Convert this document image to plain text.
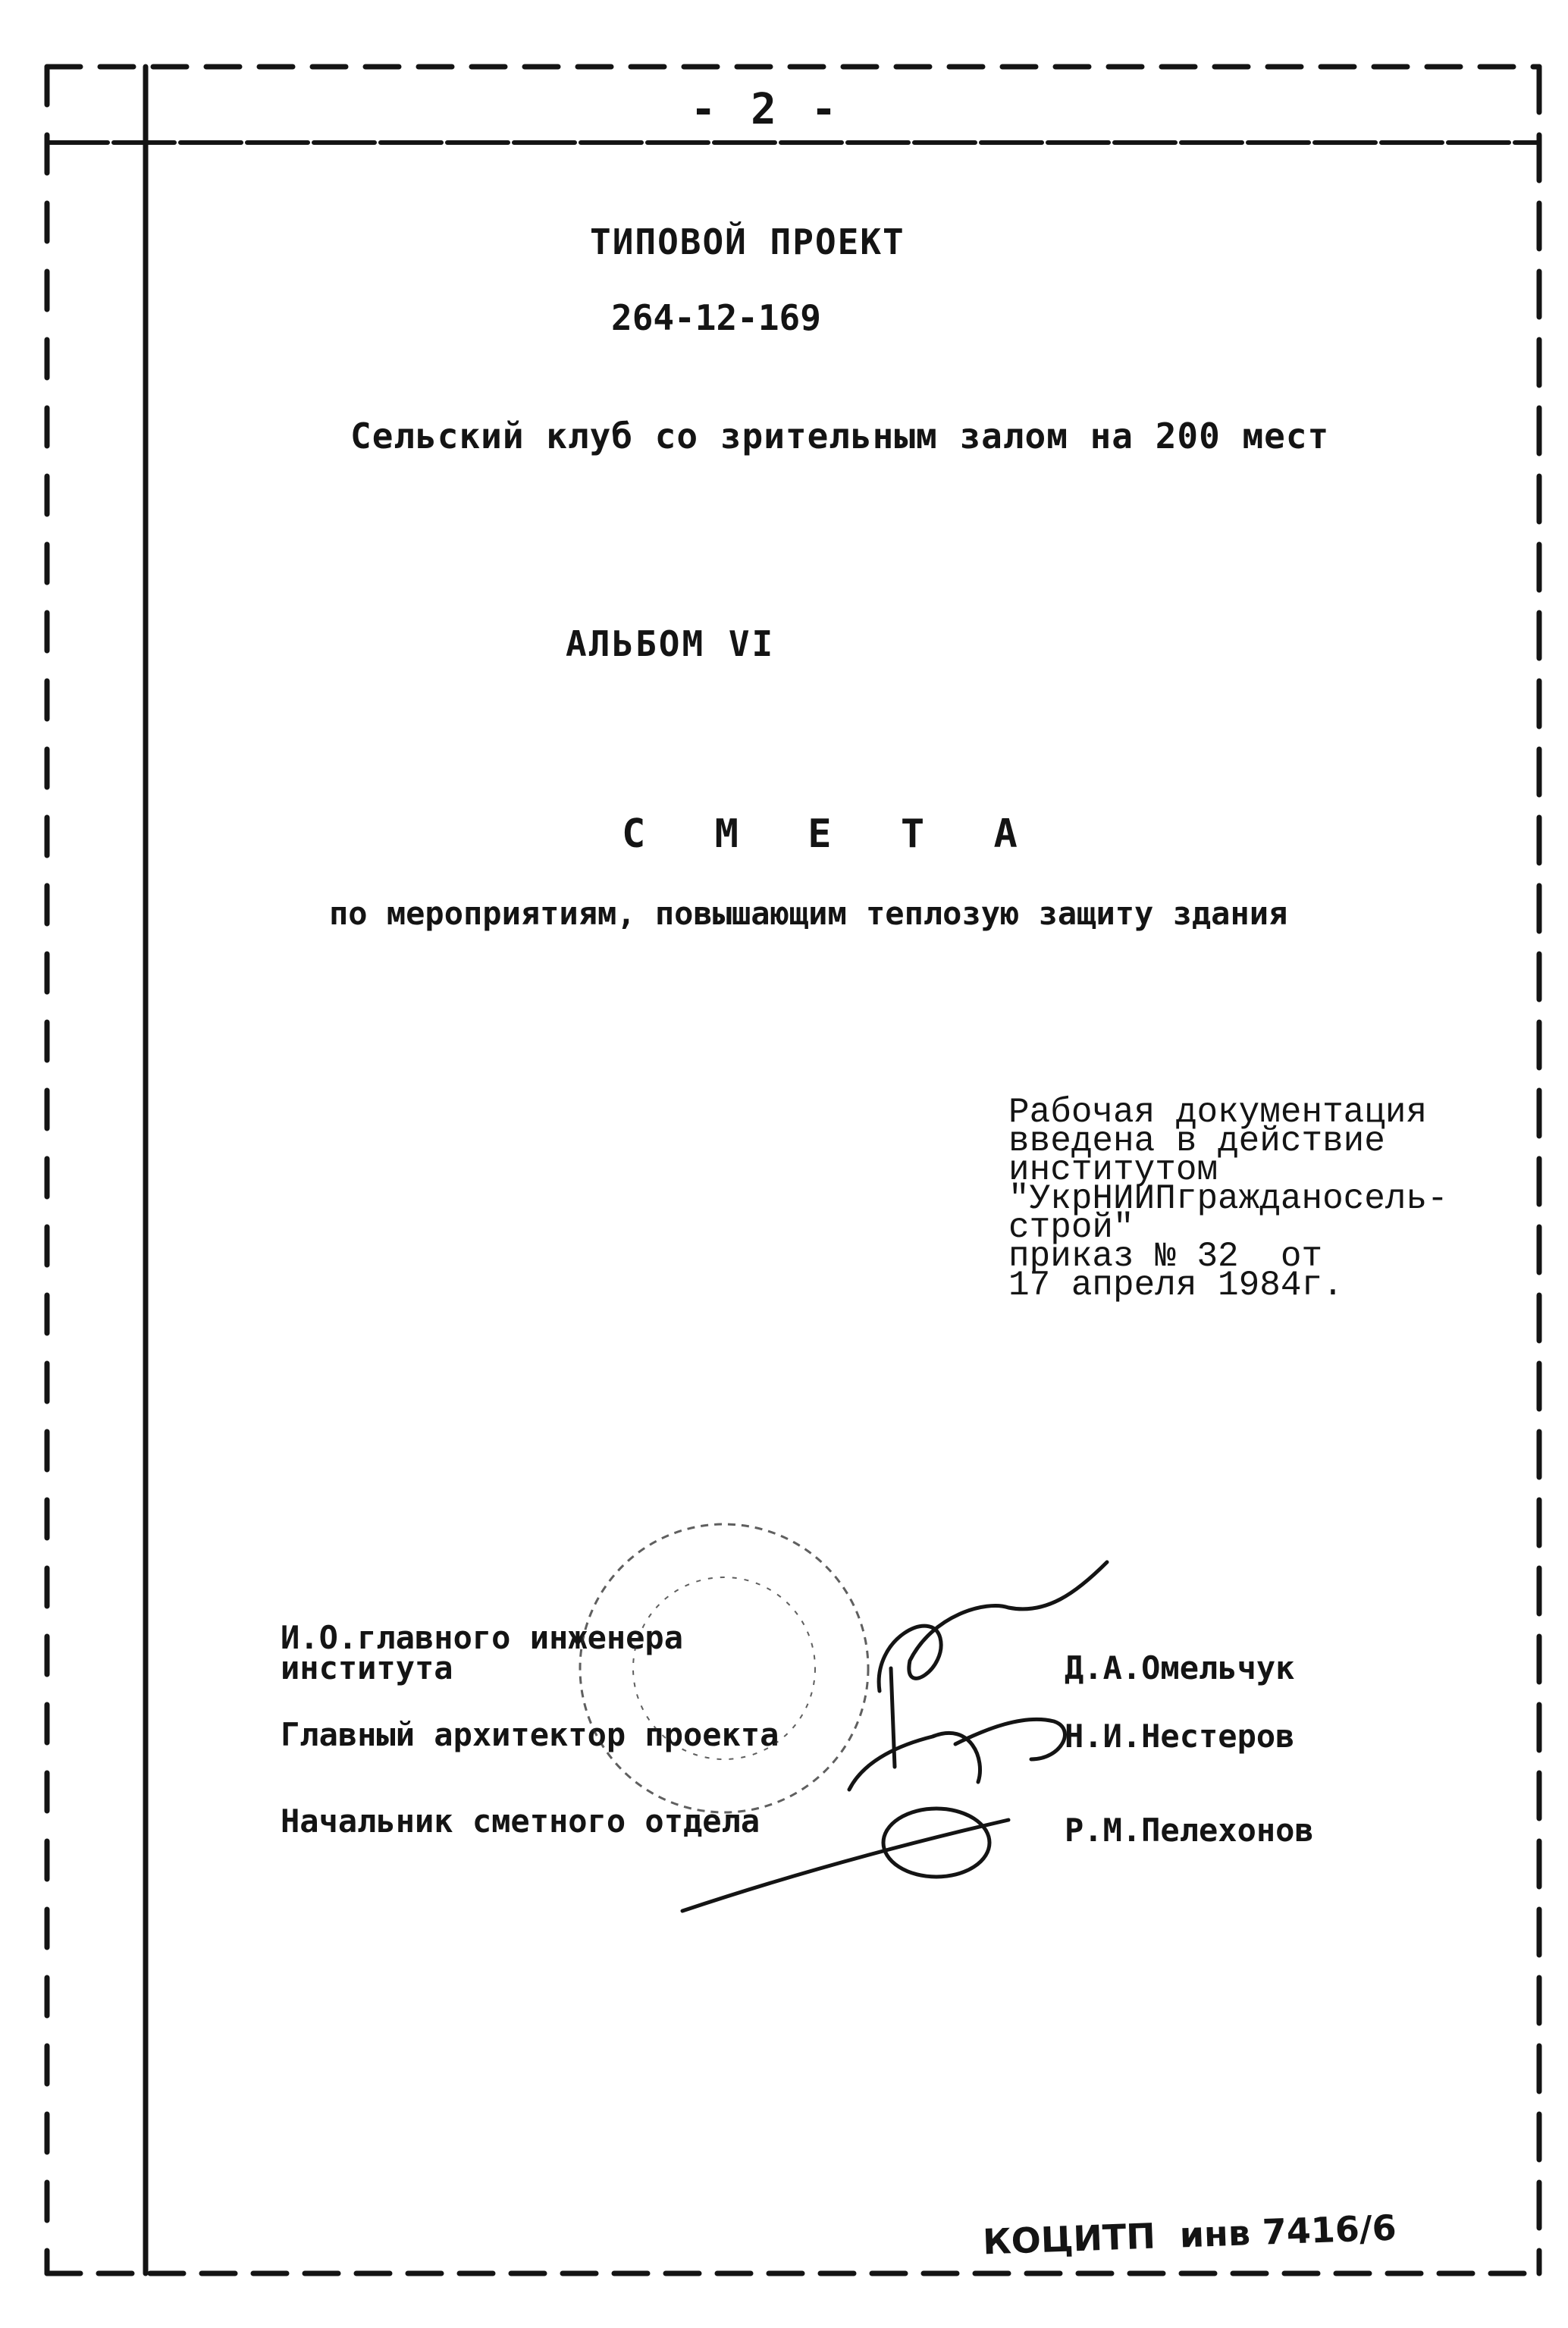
- 2 -
ТИПОВОЙ ПРОЕКТ
264-12-169
Сельский клуб со зрительным залом на 200 мест
АЛЬБОМ VI
С М Е Т А
по мероприятиям, повышающим теплозую защиту здания
Рабочая документация
введена в действие
институтом
"УкрНИИПгражданосель-
строй"
приказ № 32  от
17 апреля 1984г.
И.О.главного инженера
института	Д.А.Омельчук
Главный архитектор проекта	Н.И.Нестеров
Начальник сметного отдела	Р.М.Пелехонов
КОЦИТП  инв 7416/6
